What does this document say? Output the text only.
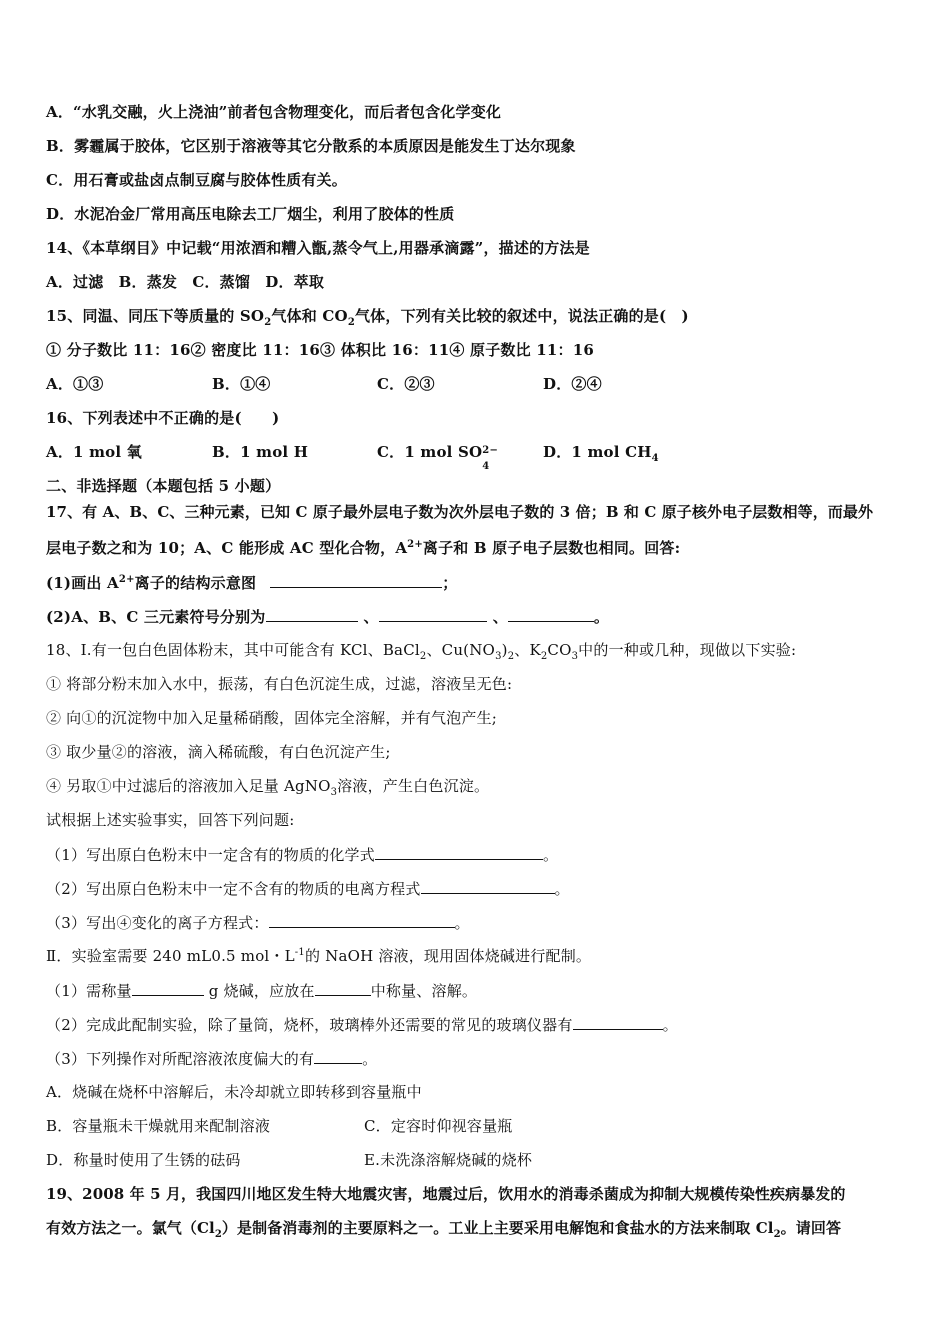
A．“水乳交融，火上浇油”前者包含物理变化，而后者包含化学变化
B．雾霾属于胶体，它区别于溶液等其它分散系的本质原因是能发生丁达尔现象
C．用石膏或盐卤点制豆腐与胶体性质有关。
D．水泥冶金厂常用高压电除去工厂烟尘，利用了胶体的性质
14、《本草纲目》中记载“用浓酒和糟入甑,蒸令气上,用器承滴露”，描述的方法是
A．过滤　B．蒸发　C．蒸馏　D．萃取
15、同温、同压下等质量的 $SO_2$气体和 $CO_2$气体，下列有关比较的叙述中，说法正确的是(　)
① 分子数比 11：16② 密度比 11：16③ 体积比 16：11④ 原子数比 11：16
A．①③	B．①④	C．②③	D．②④
16、下列表述中不正确的是(　　)
A．1 mol 氧	B．1 mol H	C．1 mol SO 2−
4
D．1 mol $CH_4$
二、非选择题（本题包括 5 小题）
17、有 A、B、C、三种元素，已知 C 原子最外层电子数为次外层电子数的 3 倍；B 和 C 原子核外电子层数相等，而最外
层电子数之和为 10；A、C 能形成 AC 型化合物，$A^{2+}$离子和 B 原子电子层数也相同。回答:
(1)画出 $A^{2+}$离子的结构示意图	；
(2)A、B、C 三元素符号分别为	、	、	。
18、Ⅰ.有一包白色固体粉末，其中可能含有 KCl、BaCl$_2$、$Cu(NO_3)_2$、$K_2CO_3$中的一种或几种，现做以下实验:
① 将部分粉末加入水中，振荡，有白色沉淀生成，过滤，溶液呈无色:
② 向①的沉淀物中加入足量稀硝酸，固体完全溶解，并有气泡产生;
③ 取少量②的溶液，滴入稀硫酸，有白色沉淀产生;
④ 另取①中过滤后的溶液加入足量 AgNO$_3$溶液，产生白色沉淀。
试根据上述实验事实，回答下列问题:
（1）写出原白色粉末中一定含有的物质的化学式	。
（2）写出原白色粉末中一定不含有的物质的电离方程式	。
（3）写出④变化的离子方程式：	。
Ⅱ．实验室需要 240 mL0.5 mol・$L^{-1}$的 NaOH 溶液，现用固体烧碱进行配制。
（1）需称量	g 烧碱，应放在	中称量、溶解。
（2）完成此配制实验，除了量筒，烧杯，玻璃棒外还需要的常见的玻璃仪器有	。
（3）下列操作对所配溶液浓度偏大的有	。
A．烧碱在烧杯中溶解后，未冷却就立即转移到容量瓶中
B．容量瓶未干燥就用来配制溶液	C．定容时仰视容量瓶
D．称量时使用了生锈的砝码	E.未洗涤溶解烧碱的烧杯
19、2008 年 5 月，我国四川地区发生特大地震灾害，地震过后，饮用水的消毒杀菌成为抑制大规模传染性疾病暴发的
有效方法之一。氯气$(Cl_2)$是制备消毒剂的主要原料之一。工业上主要采用电解饱和食盐水的方法来制取 $Cl_2$。请回答
